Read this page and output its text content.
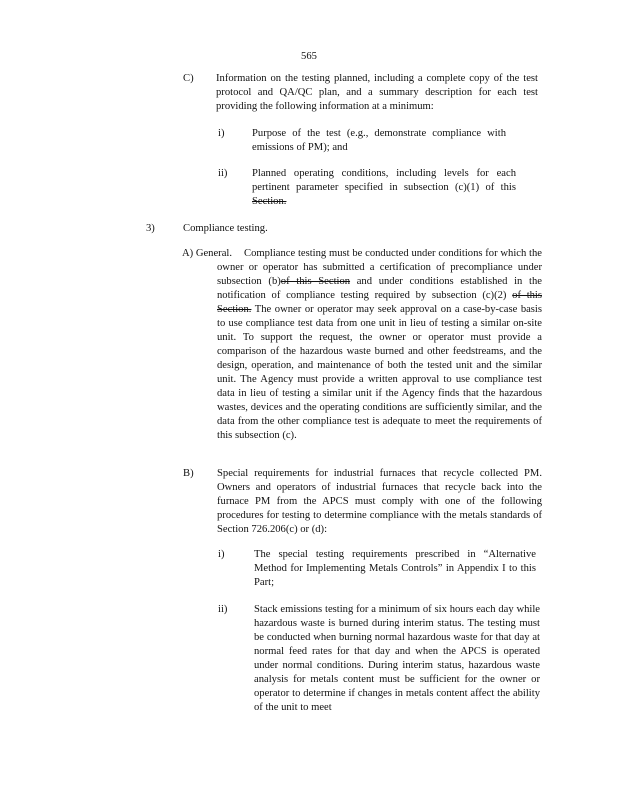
565
C) Information on the testing planned, including a complete copy of the test protocol and QA/QC plan, and a summary description for each test providing the following information at a minimum:
i)	Purpose of the test (e.g., demonstrate compliance with emissions of PM); and
ii) Planned operating conditions, including levels for each pertinent parameter specified in subsection (c)(1) of this Section.
3)	Compliance testing.
A) General.	Compliance testing must be conducted under conditions for which the owner or operator has submitted a certification of precompliance under subsection (b)of this Section and under conditions established in the notification of compliance testing required by subsection (c)(2) of this Section. The owner or operator may seek approval on a case-by-case basis to use compliance test data from one unit in lieu of testing a similar on-site unit. To support the request, the owner or operator must provide a comparison of the hazardous waste burned and other feedstreams, and the design, operation, and maintenance of both the tested unit and the similar unit. The Agency must provide a written approval to use compliance test data in lieu of testing a similar unit if the Agency finds that the hazardous wastes, devices and the operating conditions are sufficiently similar, and the data from the other compliance test is adequate to meet the requirements of this subsection (c).
B) Special requirements for industrial furnaces that recycle collected PM. Owners and operators of industrial furnaces that recycle back into the furnace PM from the APCS must comply with one of the following procedures for testing to determine compliance with the metals standards of Section 726.206(c) or (d):
i)	The special testing requirements prescribed in “Alternative Method for Implementing Metals Controls” in Appendix I to this Part;
ii)	Stack emissions testing for a minimum of six hours each day while hazardous waste is burned during interim status. The testing must be conducted when burning normal hazardous waste for that day at normal feed rates for that day and when the APCS is operated under normal conditions. During interim status, hazardous waste analysis for metals content must be sufficient for the owner or operator to determine if changes in metals content affect the ability of the unit to meet
